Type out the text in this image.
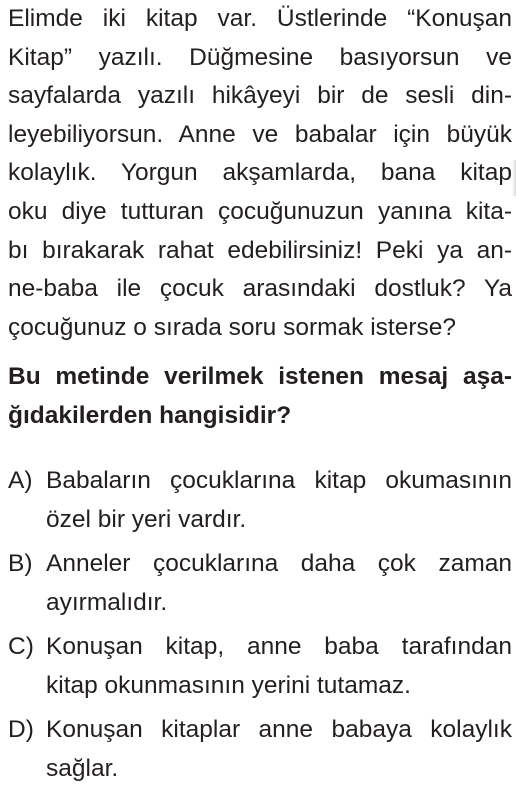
Elimde iki kitap var. Üstlerinde “Konuşan
Kitap” yazılı. Düğmesine basıyorsun ve
sayfalarda yazılı hikâyeyi bir de sesli din-
leyebiliyorsun. Anne ve babalar için büyük
kolaylık. Yorgun akşamlarda, bana kitap
oku diye tutturan çocuğunuzun yanına kita-
bı bırakarak rahat edebilirsiniz! Peki ya an-
ne-baba ile çocuk arasındaki dostluk? Ya
çocuğunuz o sırada soru sormak isterse?
Bu metinde verilmek istenen mesaj aşa-
ğıdakilerden hangisidir?
A) Babaların çocuklarına kitap okumasının
özel bir yeri vardır.
B) Anneler çocuklarına daha çok zaman
ayırmalıdır.
C) Konuşan kitap, anne baba tarafından
kitap okunmasının yerini tutamaz.
D) Konuşan kitaplar anne babaya kolaylık
sağlar.
